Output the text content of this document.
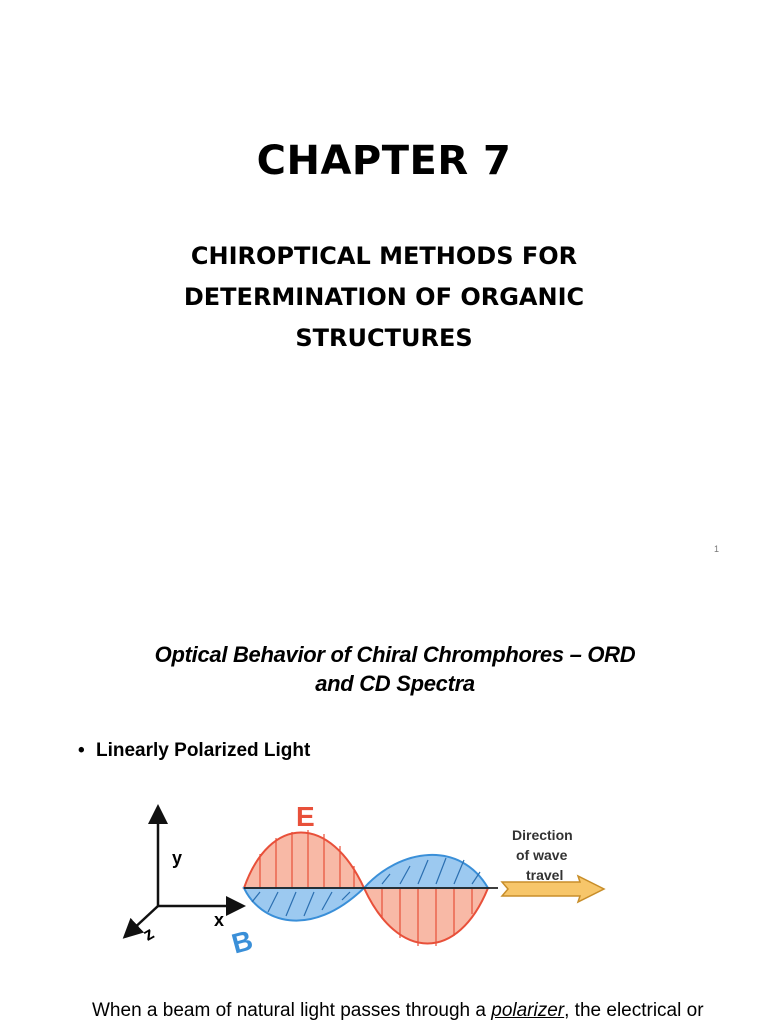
CHAPTER 7
CHIROPTICAL METHODS FOR
DETERMINATION OF ORGANIC
STRUCTURES
1
Optical Behavior of Chiral Chromphores – ORD
and CD Spectra
• Linearly Polarized Light
y
x
z
E
B
Direction
of wave
travel
When a beam of natural light passes through a polarizer, the electrical or
